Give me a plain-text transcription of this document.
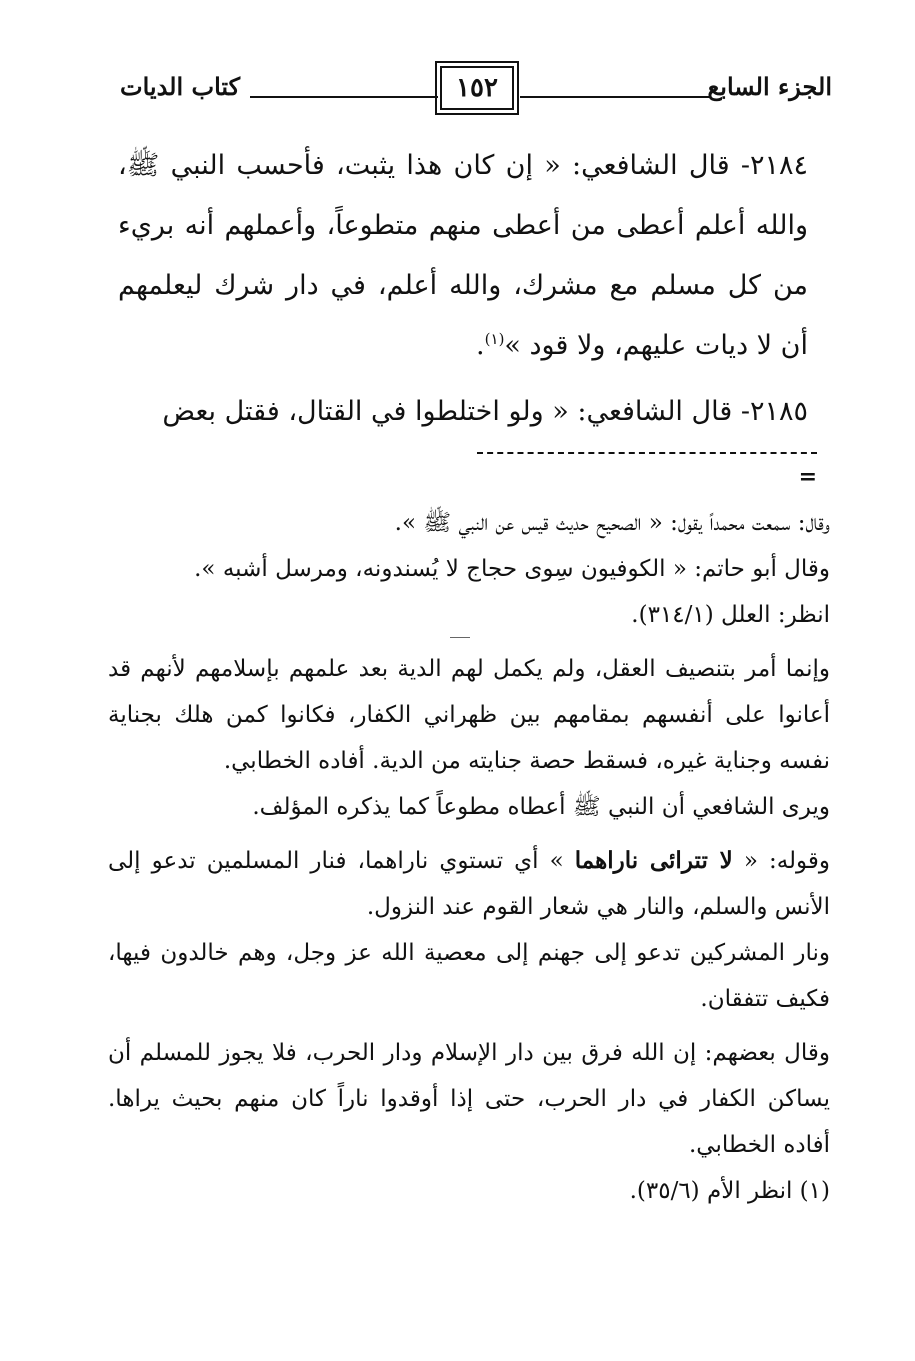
الجزء السابع
١٥٢
كتاب الديات

٢١٨٤- قال الشافعي: « إن كان هذا يثبت، فأحسب النبي ﷺ، والله أعلم أعطى من أعطى منهم متطوعاً، وأعملهم أنه بريء من كل مسلم مع مشرك، والله أعلم، في دار شرك ليعلمهم أن لا ديات عليهم، ولا قود »$^{(١)}$.

٢١٨٥- قال الشافعي: « ولو اختلطوا في القتال، فقتل بعض

=

وقال: سمعت محمداً يقول: « الصحيح حديث قيس عن النبي ﷺ ».

وقال أبو حاتم: « الكوفيون سِوى حجاج لا يُسندونه، ومرسل أشبه ».

انظر: العلل (٣١٤/١).

وإنما أمر بتنصيف العقل، ولم يكمل لهم الدية بعد علمهم بإسلامهم لأنهم قد أعانوا على أنفسهم بمقامهم بين ظهراني الكفار، فكانوا كمن هلك بجناية نفسه وجناية غيره، فسقط حصة جنايته من الدية. أفاده الخطابي.

ويرى الشافعي أن النبي ﷺ أعطاه مطوعاً كما يذكره المؤلف.

وقوله: « لا تترائى ناراهما » أي تستوي ناراهما، فنار المسلمين تدعو إلى الأنس والسلم، والنار هي شعار القوم عند النزول.

ونار المشركين تدعو إلى جهنم إلى معصية الله عز وجل، وهم خالدون فيها، فكيف تتفقان.

وقال بعضهم: إن الله فرق بين دار الإسلام ودار الحرب، فلا يجوز للمسلم أن يساكن الكفار في دار الحرب، حتى إذا أوقدوا ناراً كان منهم بحيث يراها. أفاده الخطابي.

(١) انظر الأم (٣٥/٦).
